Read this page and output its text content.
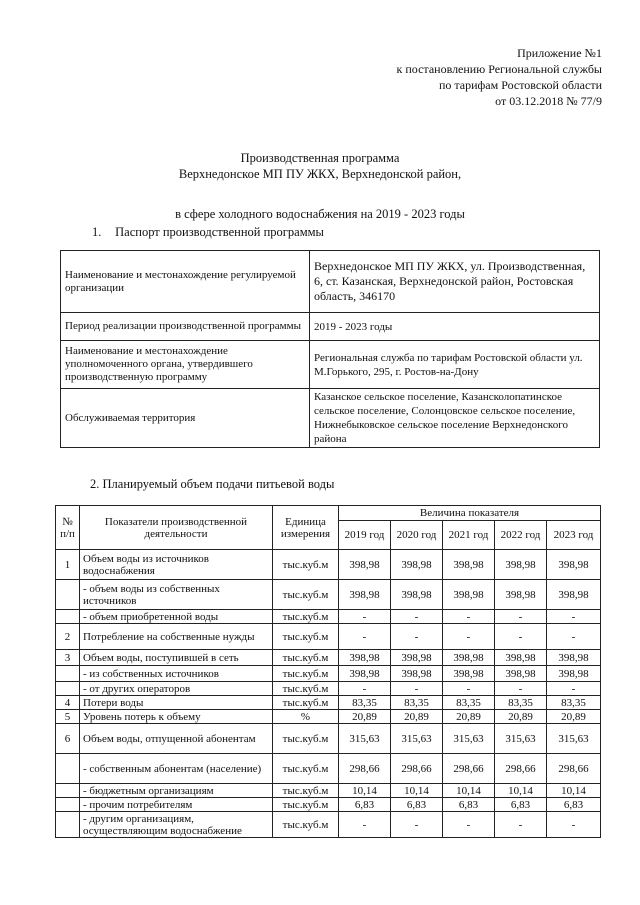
Приложение №1
к постановлению Региональной службы
по тарифам Ростовской области
от 03.12.2018 № 77/9
Производственная программа
Верхнедонское МП ПУ ЖКХ, Верхнедонской район,
в сфере холодного водоснабжения на 2019 - 2023 годы
1. Паспорт производственной программы
Наименование и местонахождение регулируемой организации	Верхнедонское МП ПУ ЖКХ, ул. Производственная, 6, ст. Казанская, Верхнедонской район, Ростовская область, 346170
Период реализации производственной программы	2019 - 2023 годы
Наименование и местонахождение уполномоченного органа, утвердившего производственную программу	Региональная служба по тарифам Ростовской области ул. М.Горького, 295, г. Ростов-на-Дону
Обслуживаемая территория	Казанское сельское поселение, Казансколопатинское сельское поселение, Солонцовское сельское поселение, Нижнебыковское сельское поселение Верхнедонского района
2. Планируемый объем подачи питьевой воды
№ п/п	Показатели производственной деятельности	Единица измерения	Величина показателя				
			2019 год	2020 год	2021 год	2022 год	2023 год
1	Объем воды из источников водоснабжения	тыс.куб.м	398,98	398,98	398,98	398,98	398,98
	- объем воды из собственных источников	тыс.куб.м	398,98	398,98	398,98	398,98	398,98
	- объем приобретенной воды	тыс.куб.м	-	-	-	-	-
2	Потребление на собственные нужды	тыс.куб.м	-	-	-	-	-
3	Объем воды, поступившей в сеть	тыс.куб.м	398,98	398,98	398,98	398,98	398,98
	- из собственных источников	тыс.куб.м	398,98	398,98	398,98	398,98	398,98
	- от других операторов	тыс.куб.м	-	-	-	-	-
4	Потери воды	тыс.куб.м	83,35	83,35	83,35	83,35	83,35
5	Уровень потерь к объему	%	20,89	20,89	20,89	20,89	20,89
6	Объем воды, отпущенной абонентам	тыс.куб.м	315,63	315,63	315,63	315,63	315,63
	- собственным абонентам (население)	тыс.куб.м	298,66	298,66	298,66	298,66	298,66
	- бюджетным организациям	тыс.куб.м	10,14	10,14	10,14	10,14	10,14
	- прочим потребителям	тыс.куб.м	6,83	6,83	6,83	6,83	6,83
	- другим организациям, осуществляющим водоснабжение	тыс.куб.м	-	-	-	-	-
